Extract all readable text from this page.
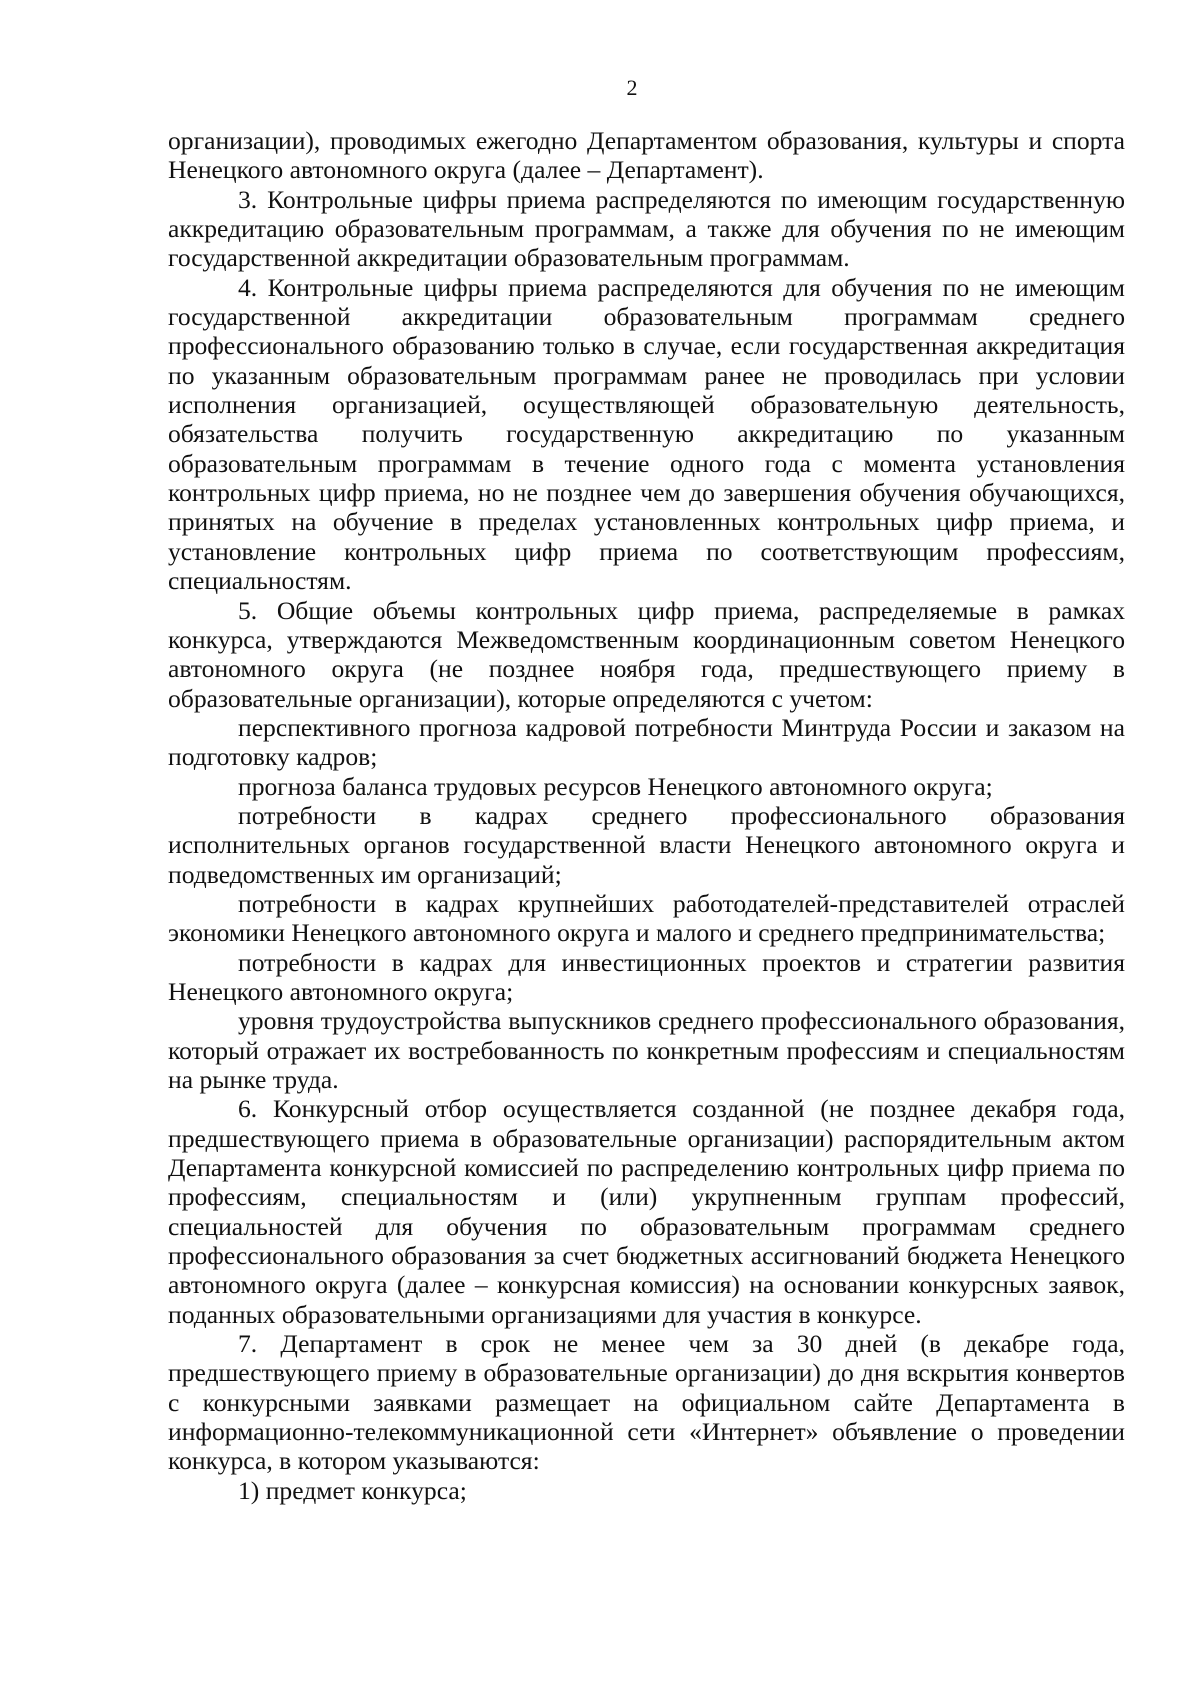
2

организации), проводимых ежегодно Департаментом образования, культуры и спорта Ненецкого автономного округа (далее – Департамент).

3. Контрольные цифры приема распределяются по имеющим государственную аккредитацию образовательным программам, а также для обучения по не имеющим государственной аккредитации образовательным программам.

4. Контрольные цифры приема распределяются для обучения по не имеющим государственной аккредитации образовательным программам среднего профессионального образованию только в случае, если государственная аккредитация по указанным образовательным программам ранее не проводилась при условии исполнения организацией, осуществляющей образовательную деятельность, обязательства получить государственную аккредитацию по указанным образовательным программам в течение одного года с момента установления контрольных цифр приема, но не позднее чем до завершения обучения обучающихся, принятых на обучение в пределах установленных контрольных цифр приема, и установление контрольных цифр приема по соответствующим профессиям, специальностям.

5. Общие объемы контрольных цифр приема, распределяемые в рамках конкурса, утверждаются Межведомственным координационным советом Ненецкого автономного округа (не позднее ноября года, предшествующего приему в образовательные организации), которые определяются с учетом:

перспективного прогноза кадровой потребности Минтруда России и заказом на подготовку кадров;

прогноза баланса трудовых ресурсов Ненецкого автономного округа;

потребности в кадрах среднего профессионального образования исполнительных органов государственной власти Ненецкого автономного округа и подведомственных им организаций;

потребности в кадрах крупнейших работодателей-представителей отраслей экономики Ненецкого автономного округа и малого и среднего предпринимательства;

потребности в кадрах для инвестиционных проектов и стратегии развития Ненецкого автономного округа;

уровня трудоустройства выпускников среднего профессионального образования, который отражает их востребованность по конкретным профессиям и специальностям на рынке труда.

6. Конкурсный отбор осуществляется созданной (не позднее декабря года, предшествующего приема в образовательные организации) распорядительным актом Департамента конкурсной комиссией по распределению контрольных цифр приема по профессиям, специальностям и (или) укрупненным группам профессий, специальностей для обучения по образовательным программам среднего профессионального образования за счет бюджетных ассигнований бюджета Ненецкого автономного округа (далее – конкурсная комиссия) на основании конкурсных заявок, поданных образовательными организациями для участия в конкурсе.

7. Департамент в срок не менее чем за 30 дней (в декабре года, предшествующего приему в образовательные организации) до дня вскрытия конвертов с конкурсными заявками размещает на официальном сайте Департамента в информационно-телекоммуникационной сети «Интернет» объявление о проведении конкурса, в котором указываются:

1) предмет конкурса;
